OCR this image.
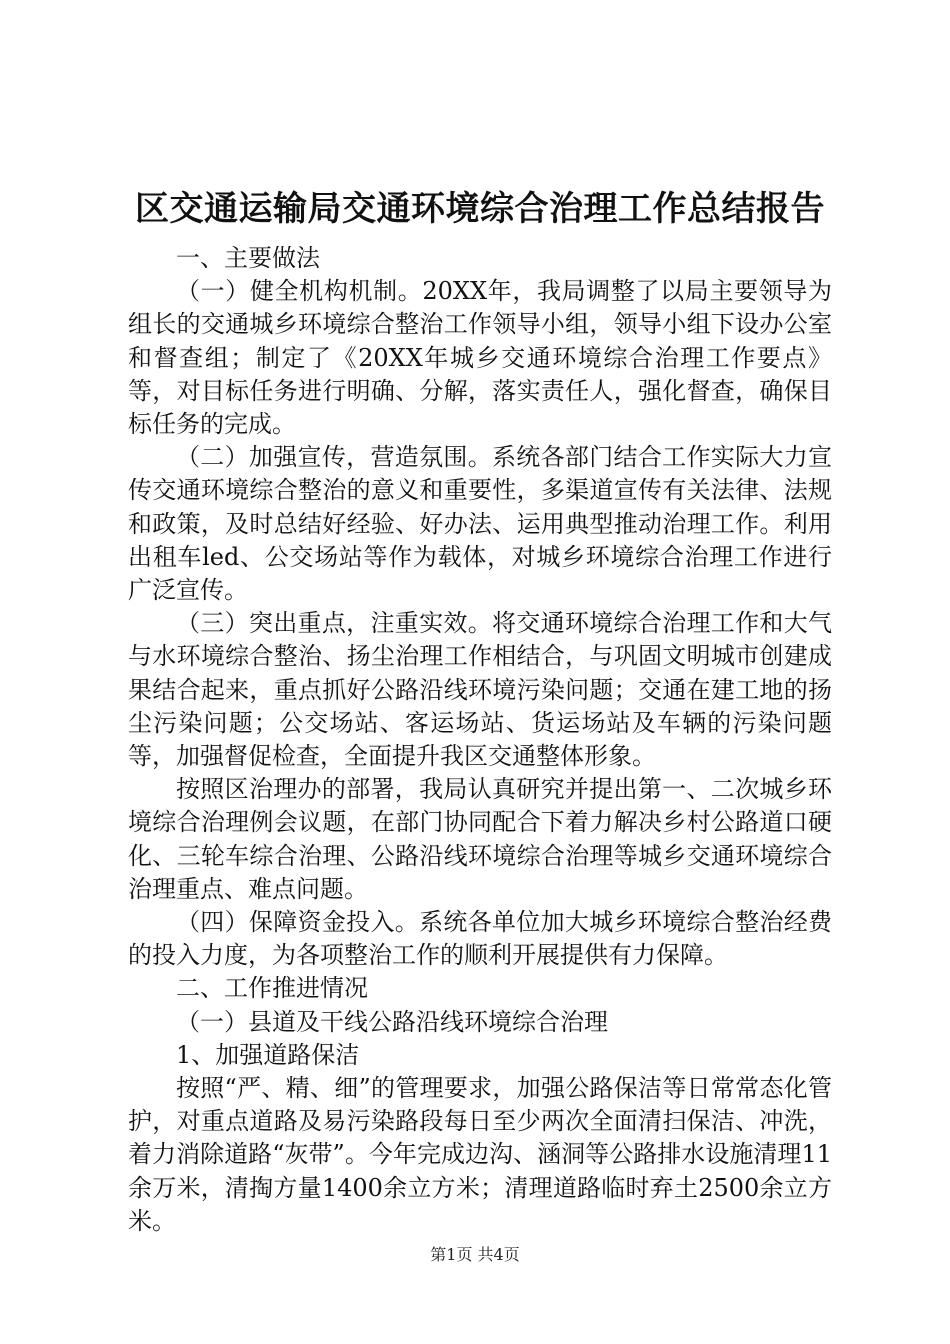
区交通运输局交通环境综合治理工作总结报告

一、主要做法

（一）健全机构机制。20XX年，我局调整了以局主要领导为组长的交通城乡环境综合整治工作领导小组，领导小组下设办公室和督查组；制定了《20XX年城乡交通环境综合治理工作要点》等，对目标任务进行明确、分解，落实责任人，强化督查，确保目标任务的完成。

（二）加强宣传，营造氛围。系统各部门结合工作实际大力宣传交通环境综合整治的意义和重要性，多渠道宣传有关法律、法规和政策，及时总结好经验、好办法、运用典型推动治理工作。利用出租车led、公交场站等作为载体，对城乡环境综合治理工作进行广泛宣传。

（三）突出重点，注重实效。将交通环境综合治理工作和大气与水环境综合整治、扬尘治理工作相结合，与巩固文明城市创建成果结合起来，重点抓好公路沿线环境污染问题；交通在建工地的扬尘污染问题；公交场站、客运场站、货运场站及车辆的污染问题等，加强督促检查，全面提升我区交通整体形象。

按照区治理办的部署，我局认真研究并提出第一、二次城乡环境综合治理例会议题，在部门协同配合下着力解决乡村公路道口硬化、三轮车综合治理、公路沿线环境综合治理等城乡交通环境综合治理重点、难点问题。

（四）保障资金投入。系统各单位加大城乡环境综合整治经费的投入力度，为各项整治工作的顺利开展提供有力保障。

二、工作推进情况

（一）县道及干线公路沿线环境综合治理

1、加强道路保洁

按照“严、精、细”的管理要求，加强公路保洁等日常常态化管护，对重点道路及易污染路段每日至少两次全面清扫保洁、冲洗，着力消除道路“灰带”。今年完成边沟、涵洞等公路排水设施清理11余万米，清掏方量1400余立方米；清理道路临时弃土2500余立方米。

第1页 共4页
